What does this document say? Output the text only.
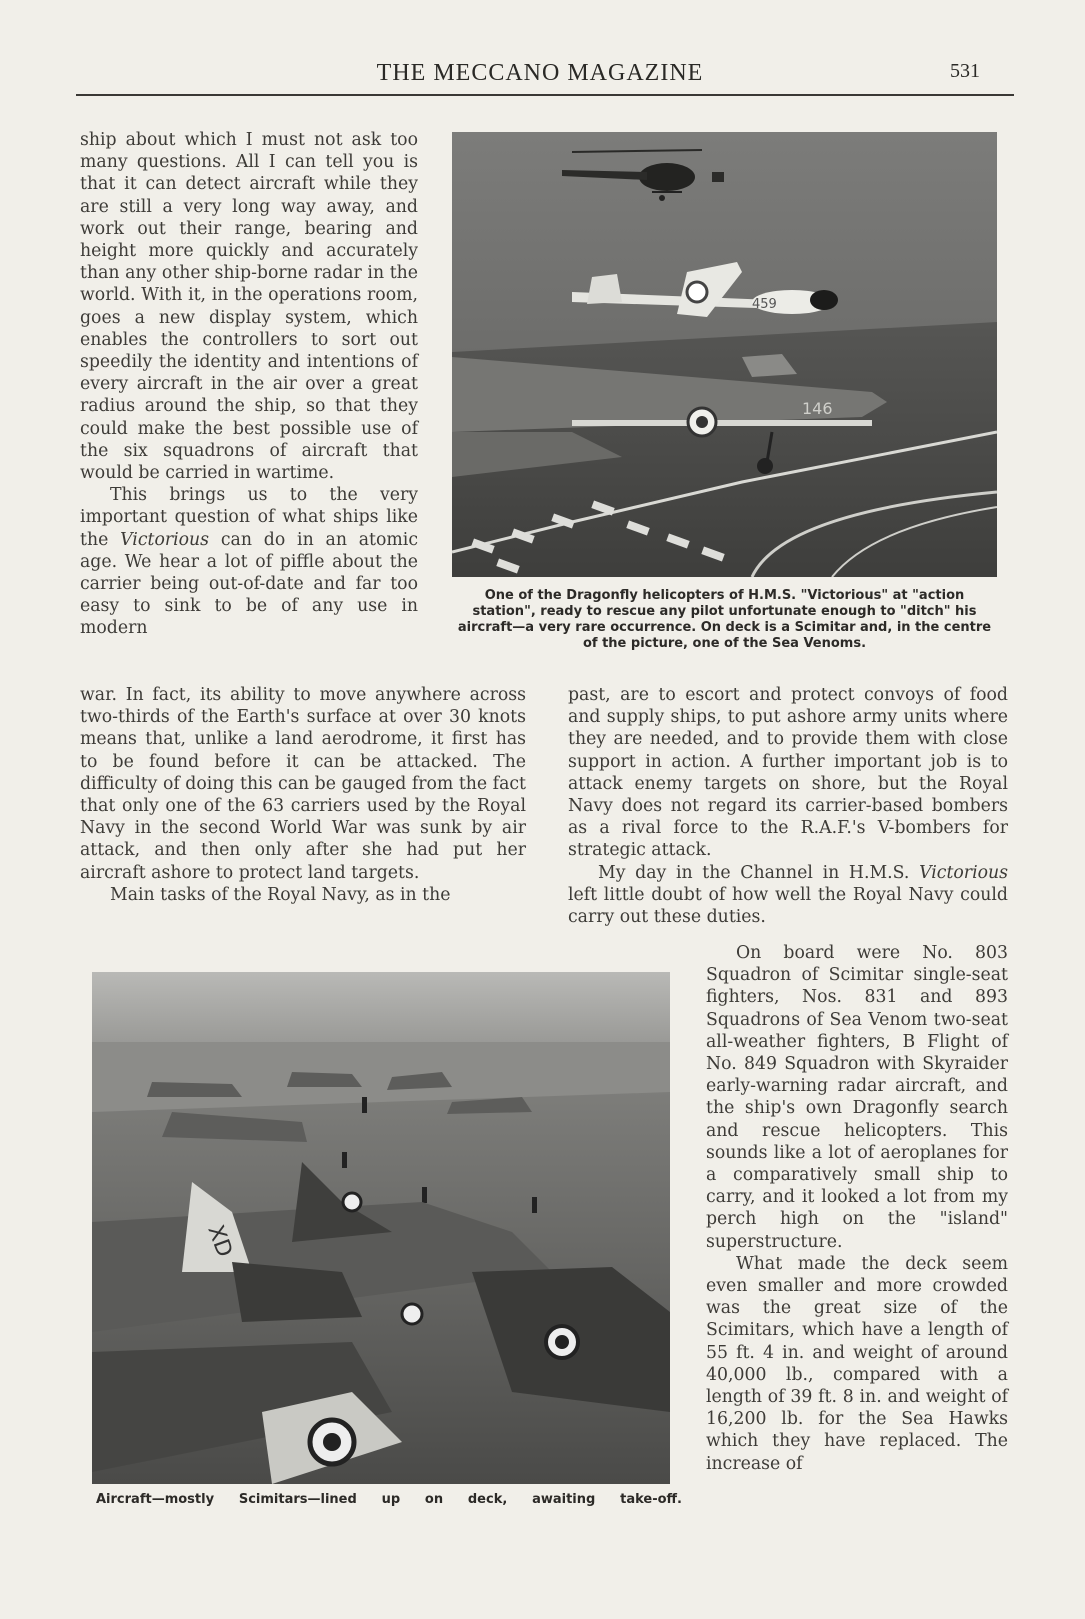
THE MECCANO MAGAZINE	531
459
146
One of the Dragonfly helicopters of H.M.S. "Victorious" at "action station", ready to rescue any pilot unfortunate enough to "ditch" his aircraft—a very rare occurrence. On deck is a Scimitar and, in the centre of the picture, one of the Sea Venoms.

ship about which I must not ask too many questions. All I can tell you is that it can detect aircraft while they are still a very long way away, and work out their range, bearing and height more quickly and accurately than any other ship-borne radar in the world. With it, in the operations room, goes a new display system, which enables the controllers to sort out speedily the identity and intentions of every aircraft in the air over a great radius around the ship, so that they could make the best possible use of the six squadrons of aircraft that would be carried in wartime.

This brings us to the very important question of what ships like the Victorious can do in an atomic age. We hear a lot of piffle about the carrier being out-of-date and far too easy to sink to be of any use in modern

war. In fact, its ability to move anywhere across two-thirds of the Earth's surface at over 30 knots means that, unlike a land aerodrome, it first has to be found before it can be attacked. The difficulty of doing this can be gauged from the fact that only one of the 63 carriers used by the Royal Navy in the second World War was sunk by air attack, and then only after she had put her aircraft ashore to protect land targets.

Main tasks of the Royal Navy, as in the

past, are to escort and protect convoys of food and supply ships, to put ashore army units where they are needed, and to provide them with close support in action. A further important job is to attack enemy targets on shore, but the Royal Navy does not regard its carrier-based bombers as a rival force to the R.A.F.'s V-bombers for strategic attack.

My day in the Channel in H.M.S. Victorious left little doubt of how well the Royal Navy could carry out these duties.

On board were No. 803 Squadron of Scimitar single-seat fighters, Nos. 831 and 893 Squadrons of Sea Venom two-seat all-weather fighters, B Flight of No. 849 Squadron with Skyraider early-warning radar aircraft, and the ship's own Dragonfly search and rescue helicopters. This sounds like a lot of aeroplanes for a comparatively small ship to carry, and it looked a lot from my perch high on the "island" superstructure.

What made the deck seem even smaller and more crowded was the great size of the Scimitars, which have a length of 55 ft. 4 in. and weight of around 40,000 lb., compared with a length of 39 ft. 8 in. and weight of 16,200 lb. for the Sea Hawks which they have replaced. The increase of

XD
Aircraft—mostly Scimitars—lined up on deck, awaiting take-off.
